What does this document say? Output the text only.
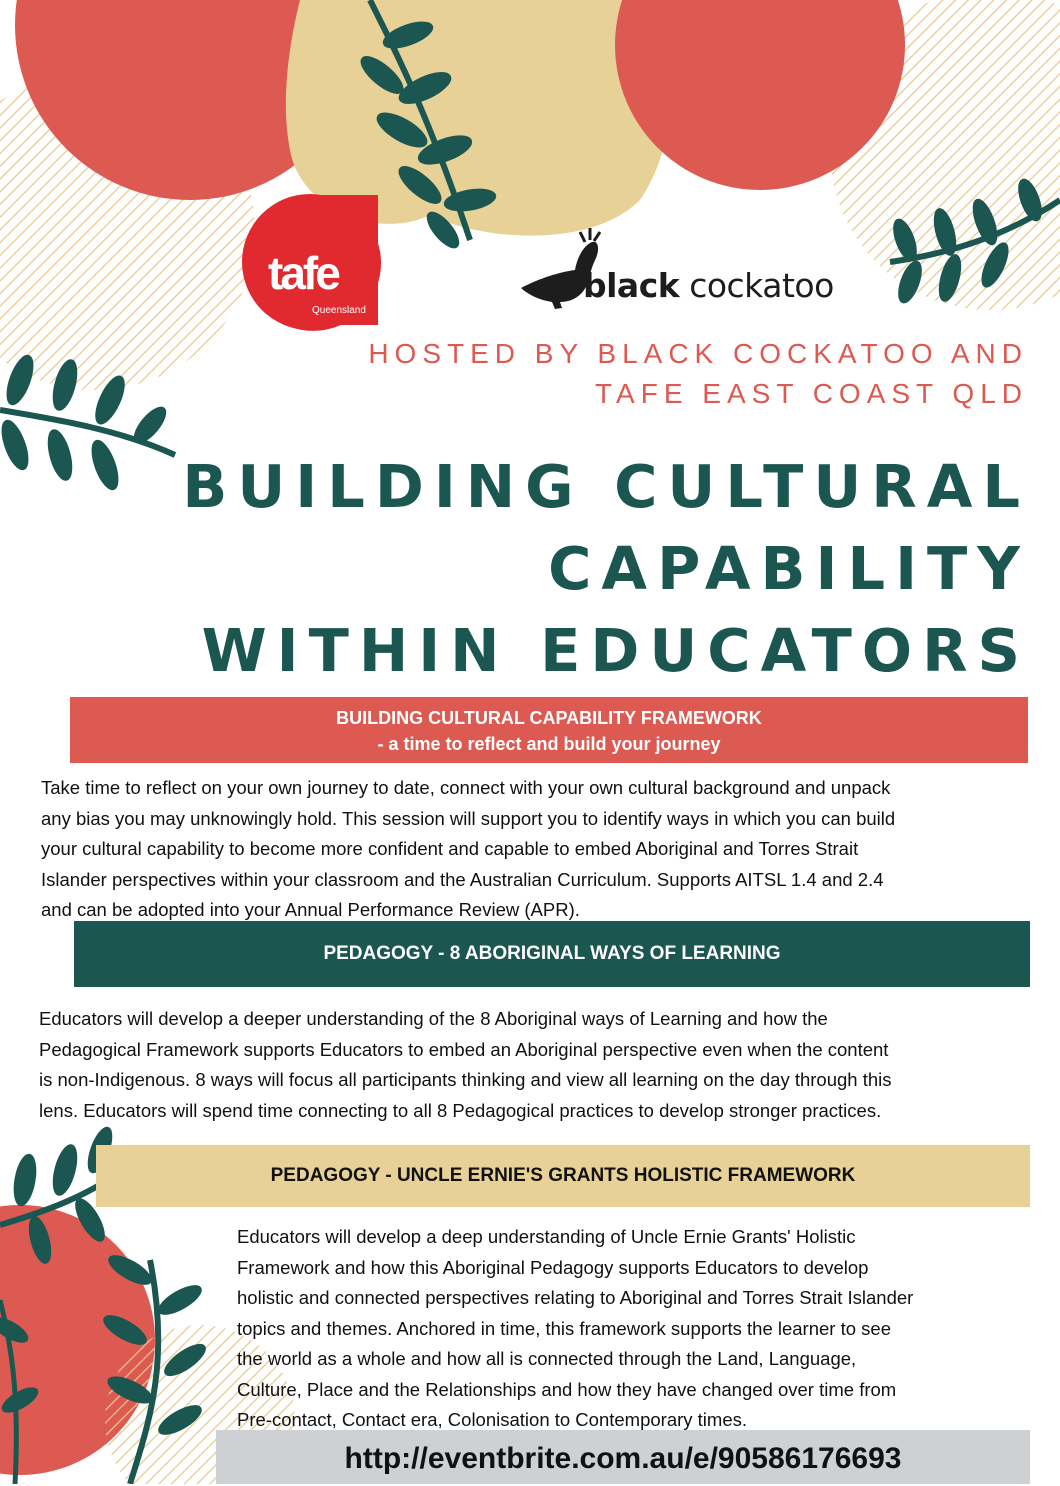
tafe
Queensland
black cockatoo
HOSTED BY BLACK COCKATOO AND
TAFE EAST COAST QLD
BUILDING CULTURAL
CAPABILITY
WITHIN EDUCATORS
BUILDING CULTURAL CAPABILITY FRAMEWORK
- a time to reflect and build your journey
Take time to reflect on your own journey to date, connect with your own cultural background and unpack
any bias you may unknowingly hold. This session will support you to identify ways in which you can build
your cultural capability to become more confident and capable to embed Aboriginal and Torres Strait
Islander perspectives within your classroom and the Australian Curriculum. Supports AITSL 1.4 and 2.4
and can be adopted into your Annual Performance Review (APR).
PEDAGOGY - 8 ABORIGINAL WAYS OF LEARNING
Educators will develop a deeper understanding of the 8 Aboriginal ways of Learning and how the
Pedagogical Framework supports Educators to embed an Aboriginal perspective even when the content
is non-Indigenous. 8 ways will focus all participants thinking and view all learning on the day through this
lens. Educators will spend time connecting to all 8 Pedagogical practices to develop stronger practices.
PEDAGOGY - UNCLE ERNIE'S GRANTS HOLISTIC FRAMEWORK
Educators will develop a deep understanding of Uncle Ernie Grants' Holistic
Framework and how this Aboriginal Pedagogy supports Educators to develop
holistic and connected perspectives relating to Aboriginal and Torres Strait Islander
topics and themes. Anchored in time, this framework supports the learner to see
the world as a whole and how all is connected through the Land, Language,
Culture, Place and the Relationships and how they have changed over time from
Pre-contact, Contact era, Colonisation to Contemporary times.
http://eventbrite.com.au/e/90586176693
